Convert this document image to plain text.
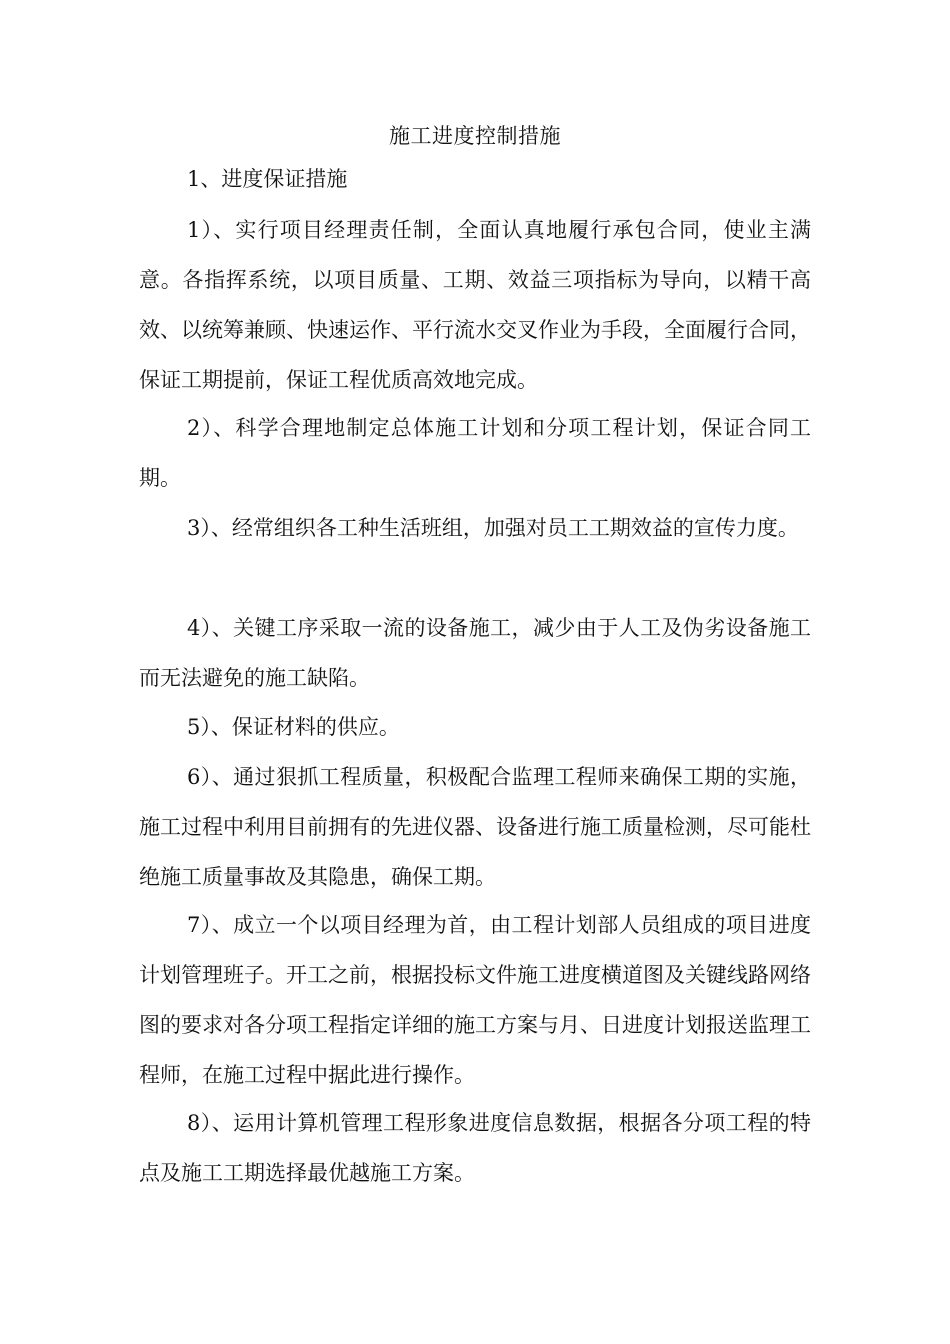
施工进度控制措施
1、进度保证措施

1）、实行项目经理责任制，全面认真地履行承包合同，使业主满意。各指挥系统，以项目质量、工期、效益三项指标为导向，以精干高效、以统筹兼顾、快速运作、平行流水交叉作业为手段，全面履行合同，保证工期提前，保证工程优质高效地完成。

2）、科学合理地制定总体施工计划和分项工程计划，保证合同工期。

3）、经常组织各工种生活班组，加强对员工工期效益的宣传力度。

4）、关键工序采取一流的设备施工，减少由于人工及伪劣设备施工而无法避免的施工缺陷。

5）、保证材料的供应。

6）、通过狠抓工程质量，积极配合监理工程师来确保工期的实施，施工过程中利用目前拥有的先进仪器、设备进行施工质量检测，尽可能杜绝施工质量事故及其隐患，确保工期。

7）、成立一个以项目经理为首，由工程计划部人员组成的项目进度计划管理班子。开工之前，根据投标文件施工进度横道图及关键线路网络图的要求对各分项工程指定详细的施工方案与月、日进度计划报送监理工程师，在施工过程中据此进行操作。

8）、运用计算机管理工程形象进度信息数据，根据各分项工程的特点及施工工期选择最优越施工方案。
